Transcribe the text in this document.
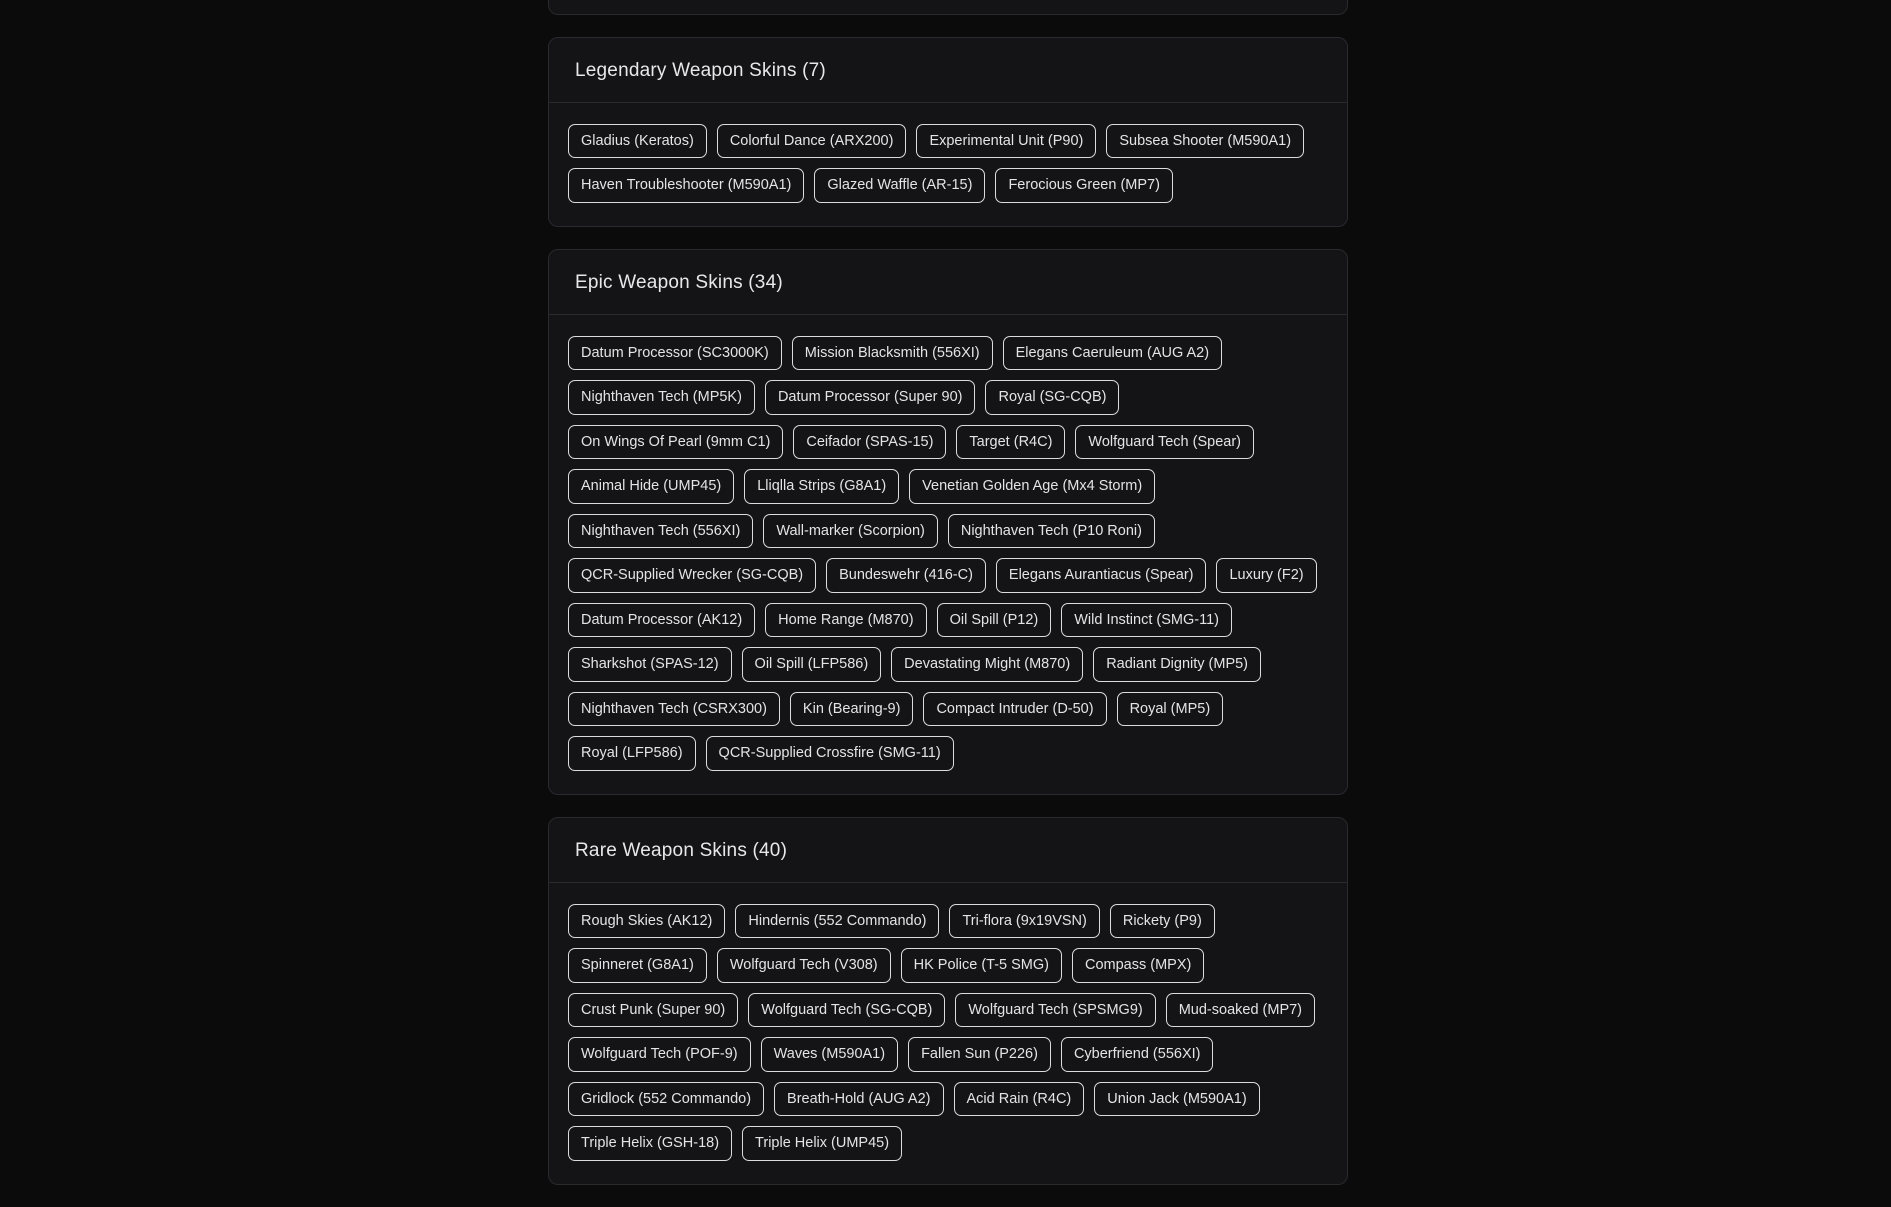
Legendary Weapon Skins (7)
Gladius (Keratos)	Colorful Dance (ARX200)	Experimental Unit (P90)	Subsea Shooter (M590A1)
Haven Troubleshooter (M590A1)	Glazed Waffle (AR-15)	Ferocious Green (MP7)
Epic Weapon Skins (34)
Datum Processor (SC3000K)	Mission Blacksmith (556XI)	Elegans Caeruleum (AUG A2)
Nighthaven Tech (MP5K)	Datum Processor (Super 90)	Royal (SG-CQB)
On Wings Of Pearl (9mm C1)	Ceifador (SPAS-15)	Target (R4C)	Wolfguard Tech (Spear)
Animal Hide (UMP45)	Lliqlla Strips (G8A1)	Venetian Golden Age (Mx4 Storm)
Nighthaven Tech (556XI)	Wall-marker (Scorpion)	Nighthaven Tech (P10 Roni)
QCR-Supplied Wrecker (SG-CQB)	Bundeswehr (416-C)	Elegans Aurantiacus (Spear)	Luxury (F2)
Datum Processor (AK12)	Home Range (M870)	Oil Spill (P12)	Wild Instinct (SMG-11)
Sharkshot (SPAS-12)	Oil Spill (LFP586)	Devastating Might (M870)	Radiant Dignity (MP5)
Nighthaven Tech (CSRX300)	Kin (Bearing-9)	Compact Intruder (D-50)	Royal (MP5)
Royal (LFP586)	QCR-Supplied Crossfire (SMG-11)
Rare Weapon Skins (40)
Rough Skies (AK12)	Hindernis (552 Commando)	Tri-flora (9x19VSN)	Rickety (P9)
Spinneret (G8A1)	Wolfguard Tech (V308)	HK Police (T-5 SMG)	Compass (MPX)
Crust Punk (Super 90)	Wolfguard Tech (SG-CQB)	Wolfguard Tech (SPSMG9)	Mud-soaked (MP7)
Wolfguard Tech (POF-9)	Waves (M590A1)	Fallen Sun (P226)	Cyberfriend (556XI)
Gridlock (552 Commando)	Breath-Hold (AUG A2)	Acid Rain (R4C)	Union Jack (M590A1)
Triple Helix (GSH-18)	Triple Helix (UMP45)
